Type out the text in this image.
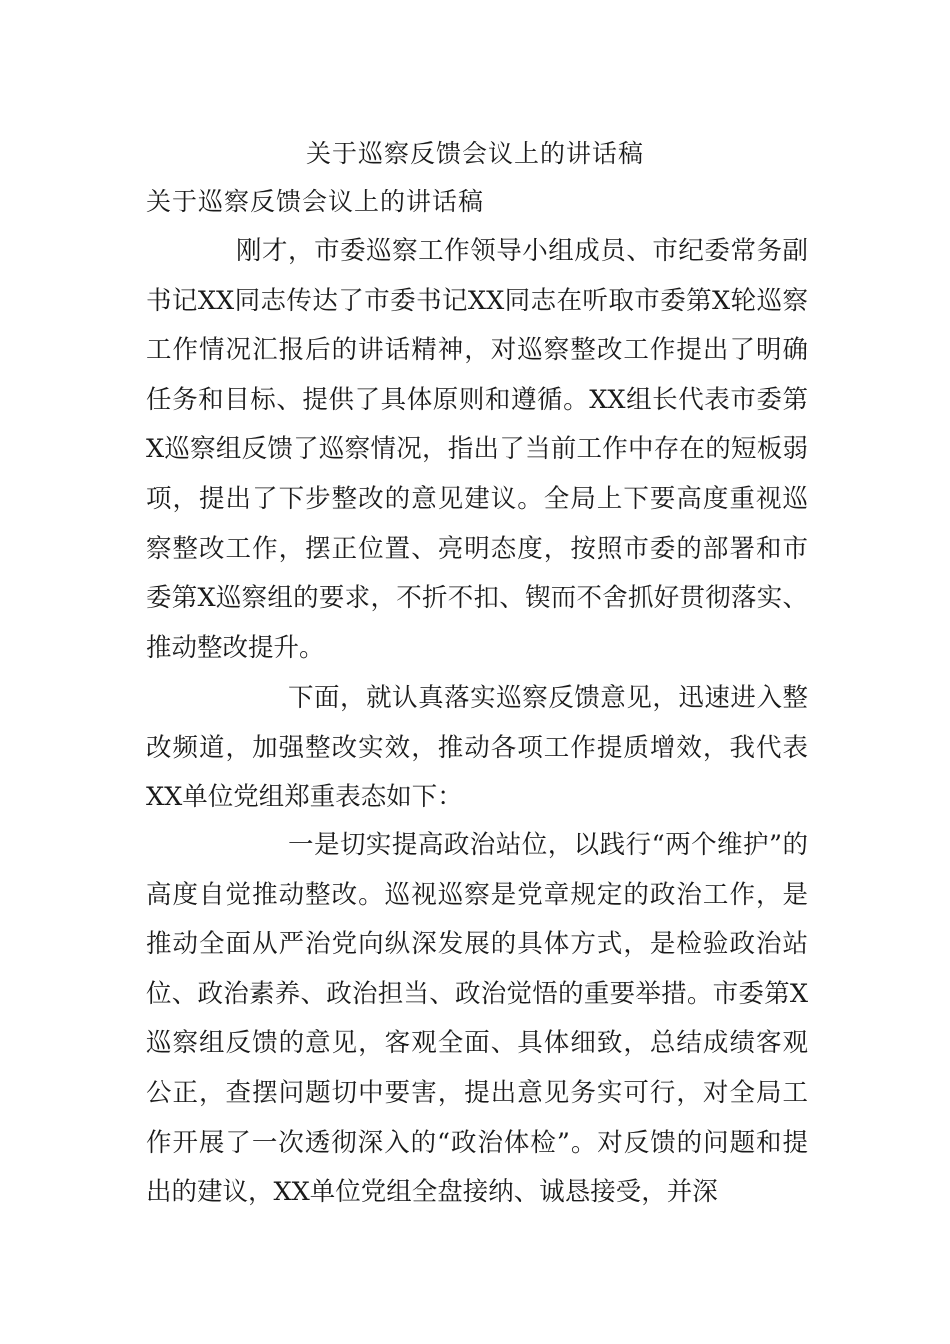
关于巡察反馈会议上的讲话稿
关于巡察反馈会议上的讲话稿

刚才，市委巡察工作领导小组成员、市纪委常务副书记XX同志传达了市委书记XX同志在听取市委第X轮巡察工作情况汇报后的讲话精神，对巡察整改工作提出了明确任务和目标、提供了具体原则和遵循。XX组长代表市委第X巡察组反馈了巡察情况，指出了当前工作中存在的短板弱项，提出了下步整改的意见建议。全局上下要高度重视巡察整改工作，摆正位置、亮明态度，按照市委的部署和市委第X巡察组的要求，不折不扣、锲而不舍抓好贯彻落实、推动整改提升。

下面，就认真落实巡察反馈意见，迅速进入整改频道，加强整改实效，推动各项工作提质增效，我代表XX单位党组郑重表态如下：

一是切实提高政治站位，以践行“两个维护”的高度自觉推动整改。巡视巡察是党章规定的政治工作，是推动全面从严治党向纵深发展的具体方式，是检验政治站位、政治素养、政治担当、政治觉悟的重要举措。市委第X巡察组反馈的意见，客观全面、具体细致，总结成绩客观公正，查摆问题切中要害，提出意见务实可行，对全局工作开展了一次透彻深入的“政治体检”。对反馈的问题和提出的建议，XX单位党组全盘接纳、诚恳接受，并深
